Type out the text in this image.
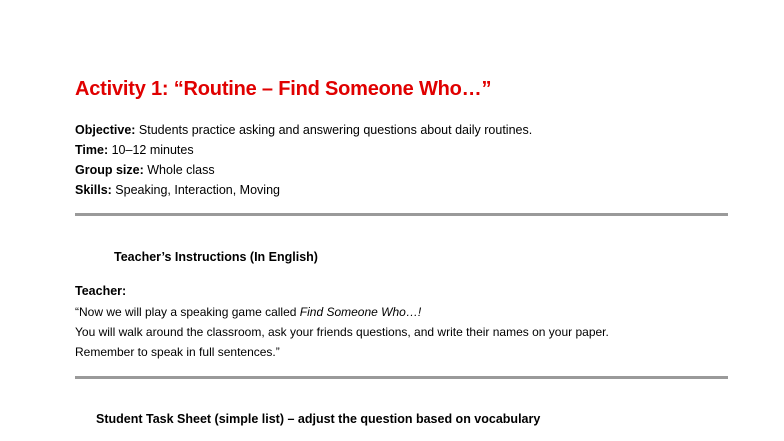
Activity 1: “Routine – Find Someone Who…”
Objective: Students practice asking and answering questions about daily routines.
Time: 10–12 minutes
Group size: Whole class
Skills: Speaking, Interaction, Moving
Teacher’s Instructions (In English)
Teacher:
“Now we will play a speaking game called Find Someone Who…!
You will walk around the classroom, ask your friends questions, and write their names on your paper.
Remember to speak in full sentences.”
Student Task Sheet (simple list) – adjust the question based on vocabulary
